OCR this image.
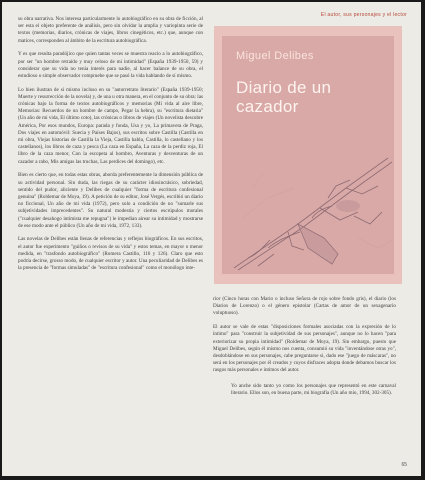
El autor, sus personajes y el lector

su obra narrativa. Nos interesa particularmente lo autobiográfico en su obra de ficción, al ser esta el objeto preferente de análisis, pero sin olvidar la amplia y variopinta serie de textos (memorias, diarios, crónicas de viajes, libros cinegéticos, etc.) que, aunque con matices, corresponden al ámbito de la escritura autobiográfica.

Y es que resulta paradójico que quien tantas veces se muestra reacio a lo autobiográfico, por ser "un hombre retraído y muy celoso de mi intimidad" (España 1939-1950, 59) y considerar que su vida no tenía interés para nadie, al hacer balance de su obra, el estudioso o simple observador compruebe que se pasó la vida hablando de sí mismo.

Lo bien ilustran de sí mismo incluso en su "autorretrato literario" (España 1939-1950; Muerte y resurrección de la novela) y, de una u otra manera, en el conjunto de su obra: las crónicas bajo la forma de textos autobiográficos y memorias (Mi vida al aire libre, Memorias: Recuerdos de un hombre de campo, Pegar la hebra), su "escritura dietaria" (Un año de mi vida, El último coto), las crónicas o libros de viajes (Un novelista descubre América, Por esos mundos, Europa: parada y fonda, Usa y yo, La primavera de Praga, Dos viajes en automóvil: Suecia y Países Bajos), sus escritos sobre Castilla (Castilla en mi obra, Viejas historias de Castilla la Vieja, Castilla habla, Castilla, lo castellano y los castellanos), los libros de caza y pesca (La caza en España, La caza de la perdiz roja, El libro de la caza menor, Con la escopeta al hombro, Aventuras y desventuras de un cazador a rabo, Mis amigas las truchas, Las perdices del domingo), etc.

Bien es cierto que, en todas estas obras, aborda preferentemente la dimensión pública de su actividad personal. Sin duda, las riegas de su carácter idiosincrásico, sobriedad, sentido del pudor, aliciente y Delibes de cualquier "forma de escritura confesional genuina" (Roldemar de Moya, 19). A petición de su editor, José Vergés, escribió un diario no ficcional, Un año de mi vida (1972), pero solo a condición de no "sumarle sus subjetividades imprecedentes". Su natural modestia y ciertos escrúpulos morales ("cualquier desahogo intimista me repugna") le impedían airear su intimidad y mostrarse de ese modo ante el público (Un año de mi vida, 1972, 133).

Las novelas de Delibes están llenas de referencias y reflejos biográficos. En sus escritos, el autor fue experimento "guiños o revisos de su vida" y estos temas, en mayor o menor medida, en "trasfondo autobiográfico" (Romera Castillo, 116 y 126). Claro que esto podría decirse, grosso modo, de cualquier escritor y autor. Una peculiaridad de Delibes es la presencia de "formas simuladas" de "escritura confesional" como el monólogo inte-

Miguel Delibes
Diario de un cazador

rior (Cinco horas con Mario o incluso Señora de rojo sobre fondo gris), el diario (los Diarios de Lorenzo) o el género epistolar (Cartas de amor de un sexagenario voluptuoso).

El autor se vale de estas "disposiciones formales asociadas con la expresión de lo íntimo" para "construir la subjetividad de sus personajes", aunque no lo hacen "para exteriorizar su propia intimidad" (Roldemar de Moya, 19). Sin embargo, puesto que Miguel Delibes, según él mismo nos cuenta, consumió su vida "inventándose otras yo", desdoblándose en sus personajes, cabe preguntarse si, dado ese "juego de máscaras", no será en los personajes por él creados y cuyos disfraces adopta donde debamos buscar los rasgos más personales e íntimos del autor.

Yo anche sido tanto yo como los personajes que representó en este carnaval literario. Ellos son, en buena parte, mi biografía (Un año mío, 1994, 302-305).

65
